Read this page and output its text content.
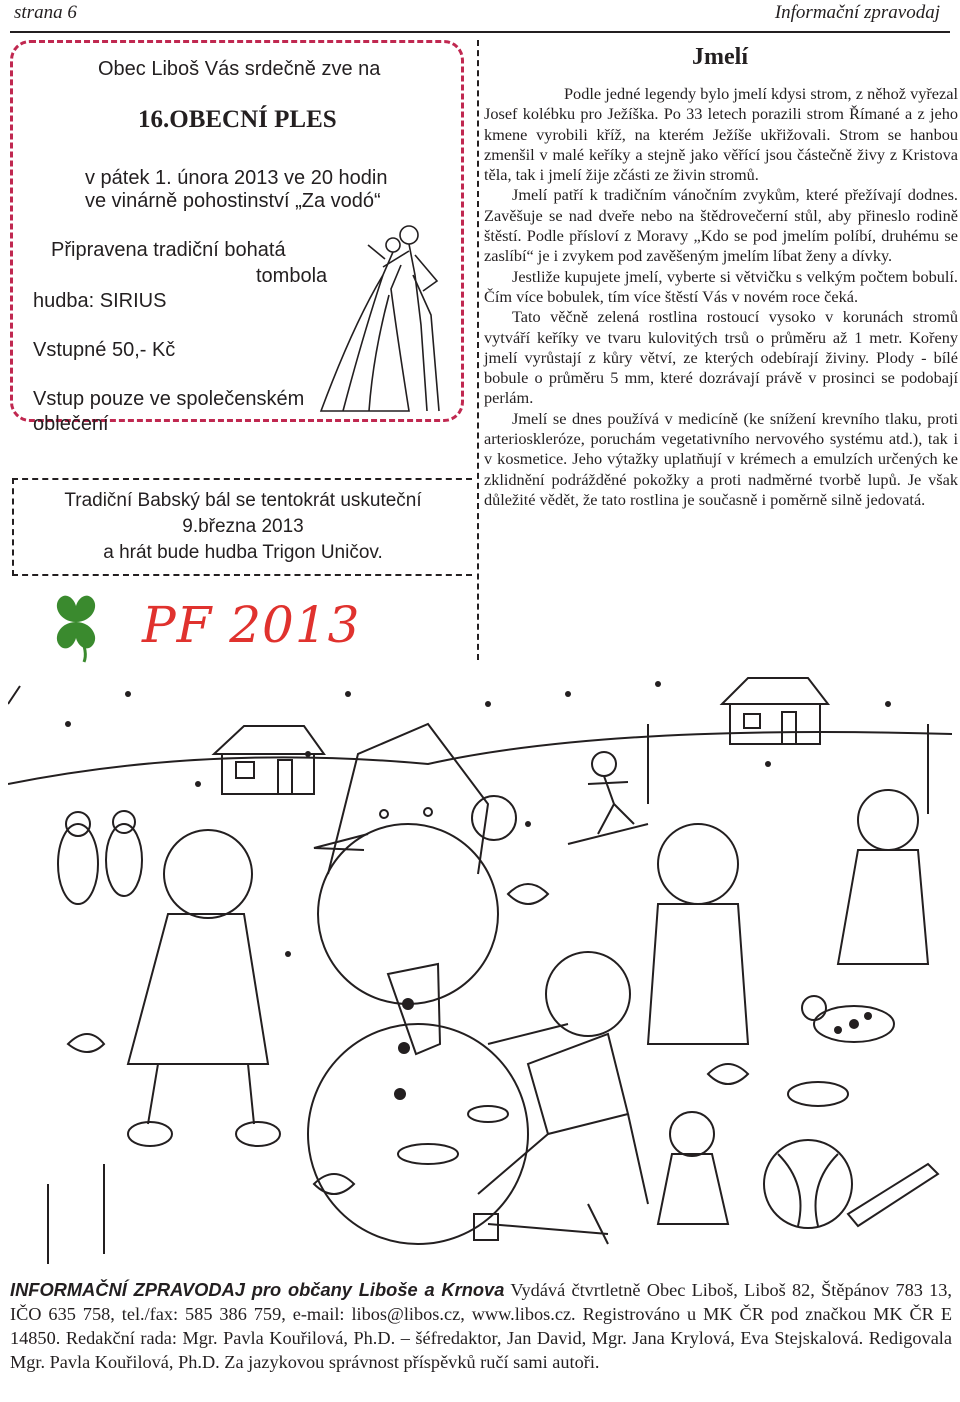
strana 6	Informační zpravodaj
Obec Liboš Vás srdečně zve na
16.OBECNÍ PLES
v pátek 1. února 2013 ve 20 hodin
ve vinárně pohostinství „Za vodó“
Připravena tradiční bohatá
tombola
hudba: SIRIUS
Vstupné 50,- Kč
Vstup pouze ve společenském
oblečení
Tradiční Babský bál se tentokrát uskuteční
9.března 2013
a hrát bude hudba Trigon Uničov.
PF 2013
Jmelí

Podle jedné legendy bylo jmelí kdysi strom, z něhož vyřezal Josef kolébku pro Ježíška. Po 33 letech porazili strom Římané a z jeho kmene vyrobili kříž, na kterém Ježíše ukřižovali. Strom se hanbou zmenšil v malé keříky a stejně jako věřící jsou částečně živy z Kristova těla, tak i jmelí žije zčásti ze živin stromů.

Jmelí patří k tradičním vánočním zvykům, které přežívají dodnes. Zavěšuje se nad dveře nebo na štědrovečerní stůl, aby přineslo rodině štěstí. Podle přísloví z Moravy „Kdo se pod jmelím políbí, druhému se zaslíbí“ je i zvykem pod zavěšeným jmelím líbat ženy a dívky.

Jestliže kupujete jmelí, vyberte si větvičku s velkým počtem bobulí. Čím více bobulek, tím více štěstí Vás v novém roce čeká.

Tato věčně zelená rostlina rostoucí vysoko v korunách stromů vytváří keříky ve tvaru kulovitých trsů o průměru až 1 metr. Kořeny jmelí vyrůstají z kůry větví, ze kterých odebírají živiny. Plody - bílé bobule o průměru 5 mm, které dozrávají právě v prosinci se podobají perlám.

Jmelí se dnes používá v medicíně (ke snížení krevního tlaku, proti arterioskleróze, poruchám vegetativního nervového systému atd.), tak i v kosmetice. Jeho výtažky uplatňují v krémech a emulzích určených ke zklidnění podrážděné pokožky a proti nadměrné tvorbě lupů. Je však důležité vědět, že tato rostlina je současně i poměrně silně jedovatá.

INFORMAČNÍ ZPRAVODAJ pro občany Liboše a Krnova Vydává čtvrtletně Obec Liboš, Liboš 82, Štěpánov 783 13, IČO 635 758, tel./fax: 585 386 759, e-mail: libos@libos.cz, www.libos.cz. Registrováno u MK ČR pod značkou MK ČR E 14850. Redakční rada: Mgr. Pavla Kouřilová, Ph.D. – šéfredaktor, Jan David, Mgr. Jana Krylová, Eva Stejskalová. Redigovala Mgr. Pavla Kouřilová, Ph.D. Za jazykovou správnost příspěvků ručí sami autoři.
